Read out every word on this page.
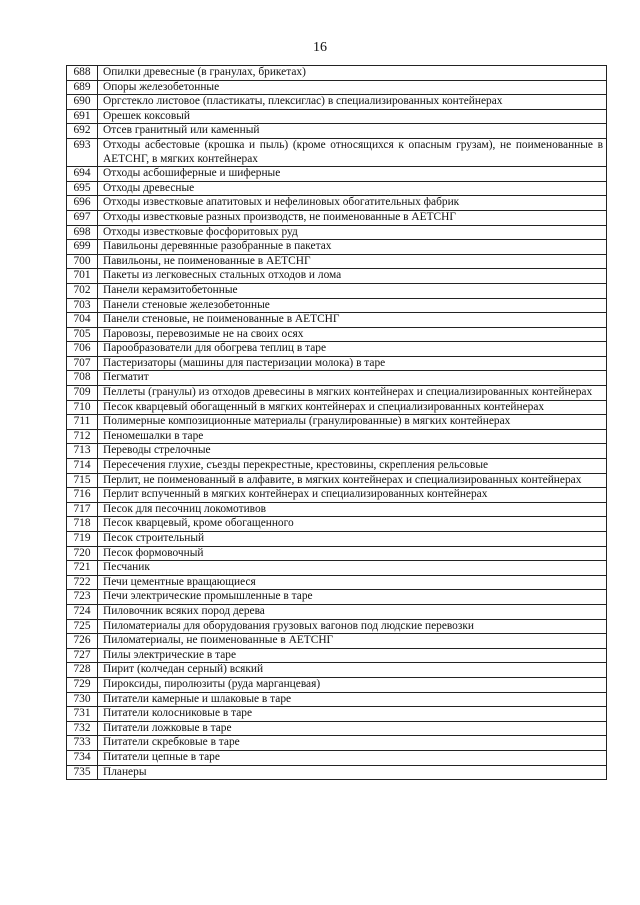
16
688	Опилки древесные (в гранулах, брикетах)
689	Опоры железобетонные
690	Оргстекло листовое (пластикаты, плексиглас) в специализированных контейнерах
691	Орешек коксовый
692	Отсев гранитный или каменный
693	Отходы асбестовые (крошка и пыль) (кроме относящихся к опасным грузам), не поименованные в АЕТСНГ, в мягких контейнерах
694	Отходы асбошиферные и шиферные
695	Отходы древесные
696	Отходы известковые апатитовых и нефелиновых обогатительных фабрик
697	Отходы известковые разных производств, не поименованные в АЕТСНГ
698	Отходы известковые фосфоритовых руд
699	Павильоны деревянные разобранные в пакетах
700	Павильоны, не поименованные в АЕТСНГ
701	Пакеты из легковесных стальных отходов и лома
702	Панели керамзитобетонные
703	Панели стеновые железобетонные
704	Панели стеновые, не поименованные в АЕТСНГ
705	Паровозы, перевозимые не на своих осях
706	Парообразователи для обогрева теплиц в таре
707	Пастеризаторы (машины для пастеризации молока) в таре
708	Пегматит
709	Пеллеты (гранулы) из отходов древесины в мягких контейнерах и специализированных контейнерах
710	Песок кварцевый обогащенный в мягких контейнерах и специализированных контейнерах
711	Полимерные композиционные материалы (гранулированные) в мягких контейнерах
712	Пеномешалки в таре
713	Переводы стрелочные
714	Пересечения глухие, съезды перекрестные, крестовины, скрепления рельсовые
715	Перлит, не поименованный в алфавите, в мягких контейнерах и специализированных контейнерах
716	Перлит вспученный в мягких контейнерах и специализированных контейнерах
717	Песок для песочниц локомотивов
718	Песок кварцевый, кроме обогащенного
719	Песок строительный
720	Песок формовочный
721	Песчаник
722	Печи цементные вращающиеся
723	Печи электрические промышленные в таре
724	Пиловочник всяких пород дерева
725	Пиломатериалы для оборудования грузовых вагонов под людские перевозки
726	Пиломатериалы, не поименованные в АЕТСНГ
727	Пилы электрические в таре
728	Пирит (колчедан серный) всякий
729	Пироксиды, пиролюзиты (руда марганцевая)
730	Питатели камерные и шлаковые в таре
731	Питатели колосниковые в таре
732	Питатели ложковые в таре
733	Питатели скребковые в таре
734	Питатели цепные в таре
735	Планеры
